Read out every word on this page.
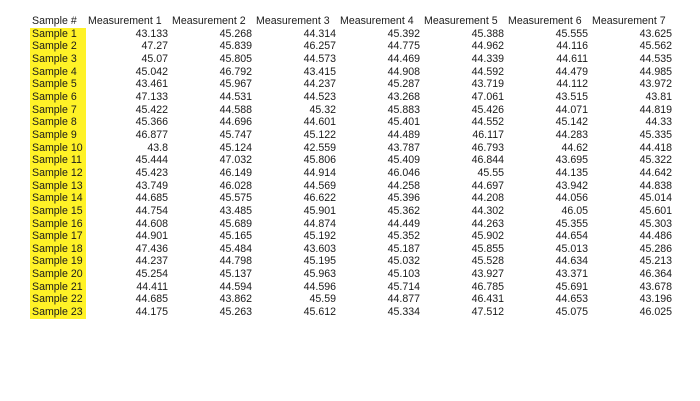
Sample #	Measurement 1	Measurement 2	Measurement 3	Measurement 4	Measurement 5	Measurement 6	Measurement 7
Sample 1	43.133	45.268	44.314	45.392	45.388	45.555	43.625
Sample 2	47.27	45.839	46.257	44.775	44.962	44.116	45.562
Sample 3	45.07	45.805	44.573	44.469	44.339	44.611	44.535
Sample 4	45.042	46.792	43.415	44.908	44.592	44.479	44.985
Sample 5	43.461	45.967	44.237	45.287	43.719	44.112	43.972
Sample 6	47.133	44.531	44.523	43.268	47.061	43.515	43.81
Sample 7	45.422	44.588	45.32	45.883	45.426	44.071	44.819
Sample 8	45.366	44.696	44.601	45.401	44.552	45.142	44.33
Sample 9	46.877	45.747	45.122	44.489	46.117	44.283	45.335
Sample 10	43.8	45.124	42.559	43.787	46.793	44.62	44.418
Sample 11	45.444	47.032	45.806	45.409	46.844	43.695	45.322
Sample 12	45.423	46.149	44.914	46.046	45.55	44.135	44.642
Sample 13	43.749	46.028	44.569	44.258	44.697	43.942	44.838
Sample 14	44.685	45.575	46.622	45.396	44.208	44.056	45.014
Sample 15	44.754	43.485	45.901	45.362	44.302	46.05	45.601
Sample 16	44.608	45.689	44.874	44.449	44.263	45.355	45.303
Sample 17	44.901	45.165	45.192	45.352	45.902	44.654	44.486
Sample 18	47.436	45.484	43.603	45.187	45.855	45.013	45.286
Sample 19	44.237	44.798	45.195	45.032	45.528	44.634	45.213
Sample 20	45.254	45.137	45.963	45.103	43.927	43.371	46.364
Sample 21	44.411	44.594	44.596	45.714	46.785	45.691	43.678
Sample 22	44.685	43.862	45.59	44.877	46.431	44.653	43.196
Sample 23	44.175	45.263	45.612	45.334	47.512	45.075	46.025
